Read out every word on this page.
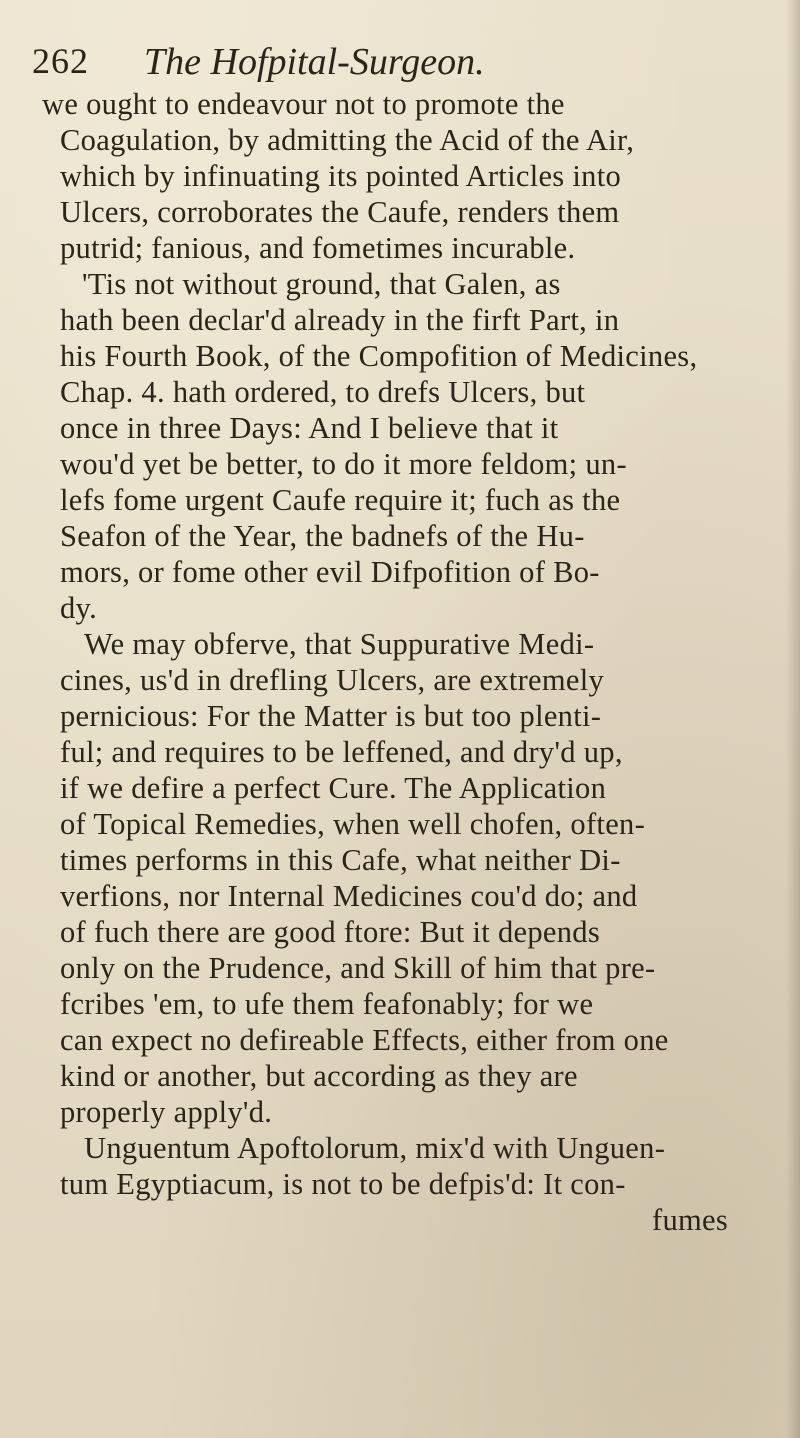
262 The Hofpital-Surgeon.
we ought to endeavour not to promote the
Coagulation, by admitting the Acid of the Air,
which by infinuating its pointed Articles into
Ulcers, corroborates the Caufe, renders them
putrid; fanious, and fometimes incurable.
'Tis not without ground, that Galen, as
hath been declar'd already in the firft Part, in
his Fourth Book, of the Compofition of Medicines,
Chap. 4. hath ordered, to drefs Ulcers, but
once in three Days: And I believe that it
wou'd yet be better, to do it more feldom; un-
lefs fome urgent Caufe require it; fuch as the
Seafon of the Year, the badnefs of the Hu-
mors, or fome other evil Difpofition of Bo-
dy.
We may obferve, that Suppurative Medi-
cines, us'd in drefling Ulcers, are extremely
pernicious: For the Matter is but too plenti-
ful; and requires to be leffened, and dry'd up,
if we defire a perfect Cure. The Application
of Topical Remedies, when well chofen, often-
times performs in this Cafe, what neither Di-
verfions, nor Internal Medicines cou'd do; and
of fuch there are good ftore: But it depends
only on the Prudence, and Skill of him that pre-
fcribes 'em, to ufe them feafonably; for we
can expect no defireable Effects, either from one
kind or another, but according as they are
properly apply'd.
Unguentum Apoftolorum, mix'd with Unguen-
tum Egyptiacum, is not to be defpis'd: It con-
fumes
